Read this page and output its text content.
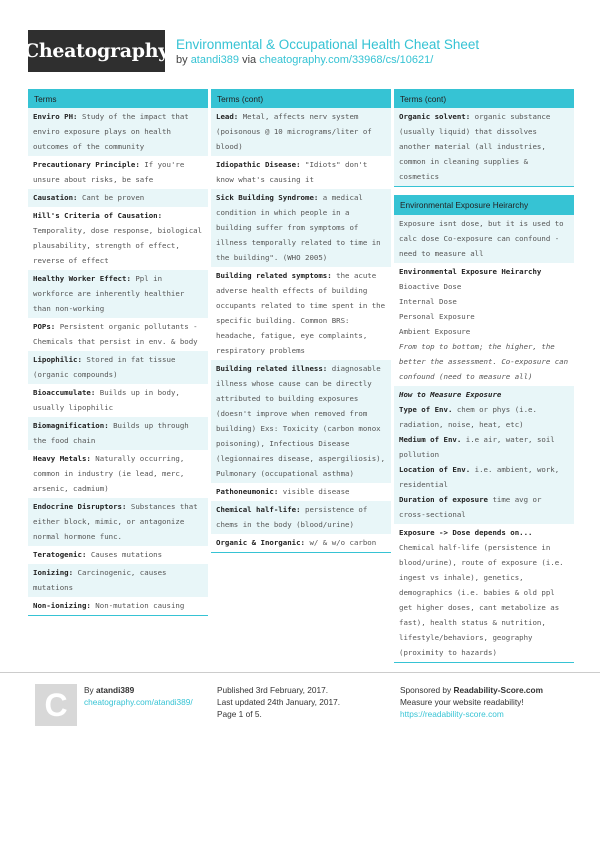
Cheatography Environmental & Occupational Health Cheat Sheet
by atandi389 via cheatography.com/33968/cs/10621/
Terms
Enviro PH: Study of the impact that enviro exposure plays on health outcomes of the community
Precautionary Principle: If you're unsure about risks, be safe
Causation: Cant be proven
Hill's Criteria of Causation: Temporality, dose response, biological plausability, strength of effect, reverse of effect
Healthy Worker Effect: Ppl in workforce are inherently healthier than non-working
POPs: Persistent organic pollutants - Chemicals that persist in env. & body
Lipophilic: Stored in fat tissue (organic compounds)
Bioaccumulate: Builds up in body, usually lipophilic
Biomagnification: Builds up through the food chain
Heavy Metals: Naturally occurring, common in industry (ie lead, merc, arsenic, cadmium)
Endocrine Disruptors: Substances that either block, mimic, or antagonize normal hormone func.
Teratogenic: Causes mutations
Ionizing: Carcinogenic, causes mutations
Non-ionizing: Non-mutation causing
Terms (cont)
Lead: Metal, affects nerv system (poisonous @ 10 micrograms/liter of blood)
Idiopathic Disease: "Idiots" don't know what's causing it
Sick Building Syndrome: a medical condition in which people in a building suffer from symptoms of illness temporally related to time in the building". (WHO 2005)
Building related symptoms: the acute adverse health effects of building occupants related to time spent in the specific building. Common BRS: headache, fatigue, eye complaints, respiratory problems
Building related illness: diagnosable illness whose cause can be directly attributed to building exposures (doesn't improve when removed from building) Exs: Toxicity (carbon monox poisoning), Infectious Disease (legionnaires disease, aspergiliosis), Pulmonary (occupational asthma)
Pathoneumonic: visible disease
Chemical half-life: persistence of chems in the body (blood/urine)
Organic & Inorganic: w/ & w/o carbon
Terms (cont)
Organic solvent: organic substance (usually liquid) that dissolves another material (all industries, common in cleaning supplies & cosmetics
Environmental Exposure Heirarchy
Exposure isnt dose, but it is used to calc dose Co-exposure can confound - need to measure all
Environmental Exposure Heirarchy
Bioactive Dose
Internal Dose
Personal Exposure
Ambient Exposure
From top to bottom; the higher, the better the assessment. Co-exposure can confound (need to measure all)
How to Measure Exposure
Type of Env. chem or phys (i.e. radiation, noise, heat, etc)
Medium of Env. i.e air, water, soil pollution
Location of Env. i.e. ambient, work, residential
Duration of exposure time avg or cross-sectional
Exposure -> Dose depends on...
Chemical half-life (persistence in blood/urine), route of exposure (i.e. ingest vs inhale), genetics, demographics (i.e. babies & old ppl get higher doses, cant metabolize as fast), health status & nutrition, lifestyle/behaviors, geography (proximity to hazards)
C	By atandi389
cheatography.com/atandi389/
Published 3rd February, 2017.
Last updated 24th January, 2017.
Page 1 of 5.
Sponsored by Readability-Score.com
Measure your website readability!
https://readability-score.com
